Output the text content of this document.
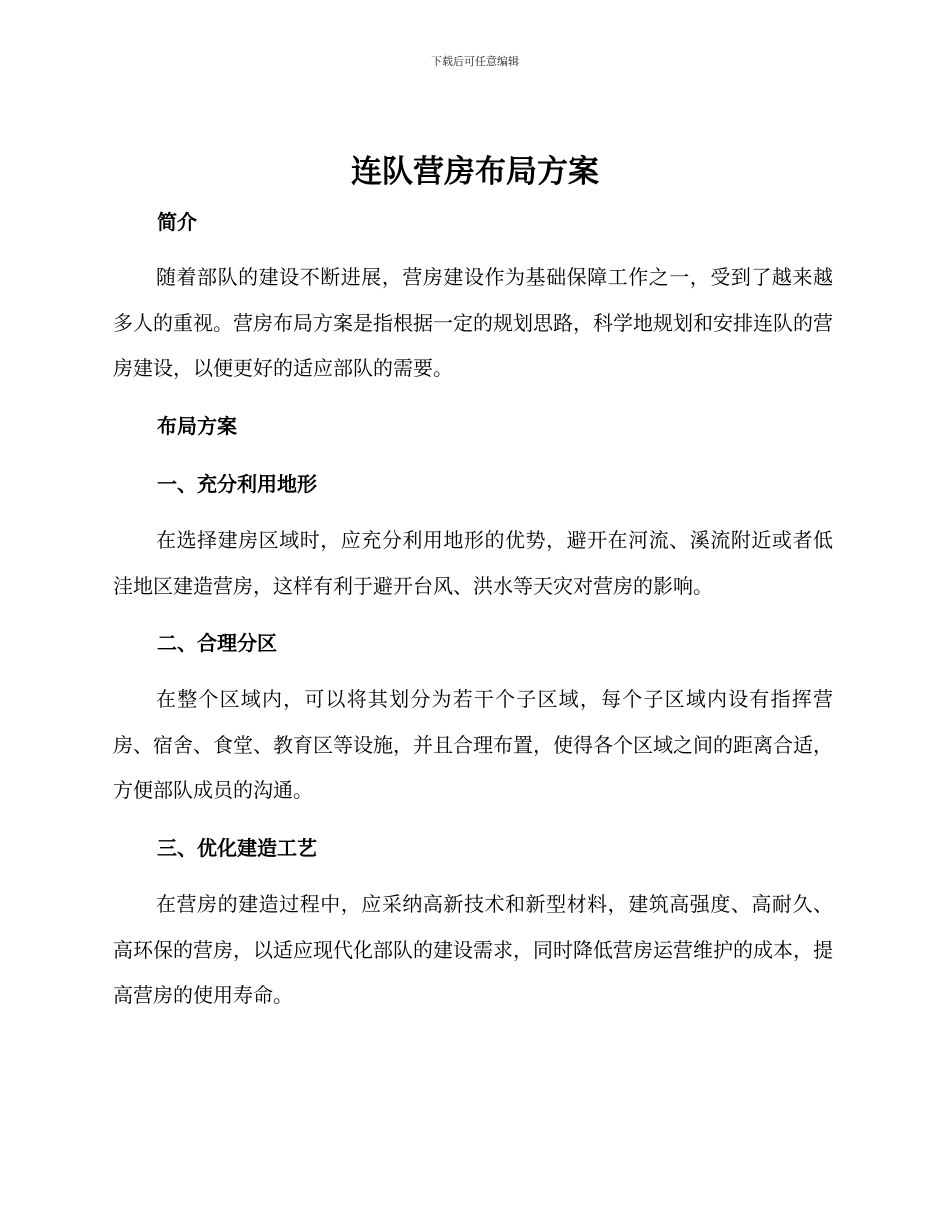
下载后可任意编辑
连队营房布局方案
简介

随着部队的建设不断进展，营房建设作为基础保障工作之一，受到了越来越多人的重视。营房布局方案是指根据一定的规划思路，科学地规划和安排连队的营房建设，以便更好的适应部队的需要。

布局方案
一、充分利用地形

在选择建房区域时，应充分利用地形的优势，避开在河流、溪流附近或者低洼地区建造营房，这样有利于避开台风、洪水等天灾对营房的影响。

二、合理分区

在整个区域内，可以将其划分为若干个子区域，每个子区域内设有指挥营房、宿舍、食堂、教育区等设施，并且合理布置，使得各个区域之间的距离合适，方便部队成员的沟通。

三、优化建造工艺

在营房的建造过程中，应采纳高新技术和新型材料，建筑高强度、高耐久、高环保的营房，以适应现代化部队的建设需求，同时降低营房运营维护的成本，提高营房的使用寿命。
